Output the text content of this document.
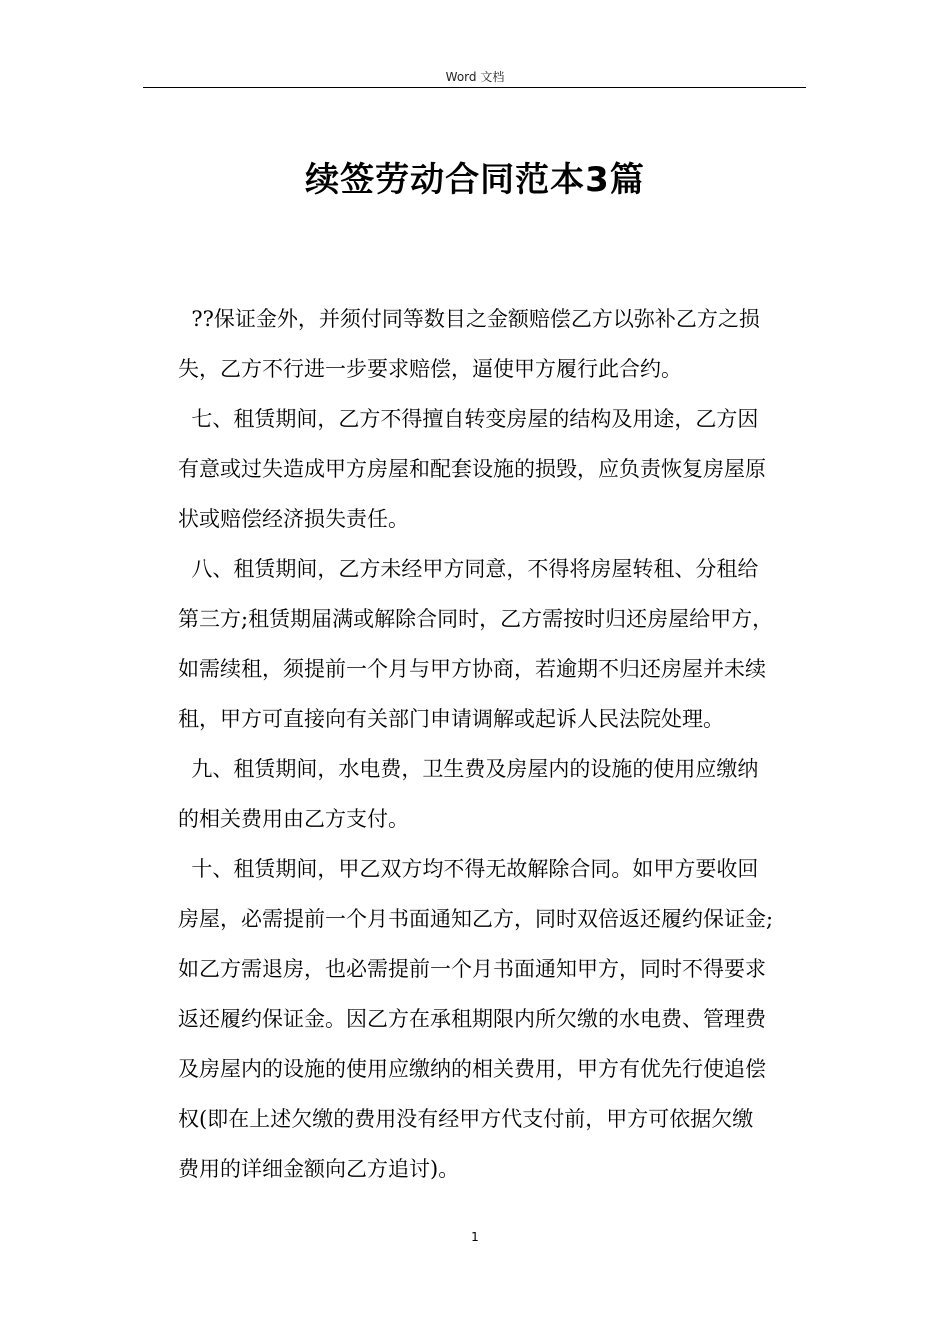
Word 文档
续签劳动合同范本3篇

??保证金外，并须付同等数目之金额赔偿乙方以弥补乙方之损

失，乙方不行进一步要求赔偿，逼使甲方履行此合约。

七、租赁期间，乙方不得擅自转变房屋的结构及用途，乙方因

有意或过失造成甲方房屋和配套设施的损毁，应负责恢复房屋原

状或赔偿经济损失责任。

八、租赁期间，乙方未经甲方同意，不得将房屋转租、分租给

第三方;租赁期届满或解除合同时，乙方需按时归还房屋给甲方，

如需续租，须提前一个月与甲方协商，若逾期不归还房屋并未续

租，甲方可直接向有关部门申请调解或起诉人民法院处理。

九、租赁期间，水电费，卫生费及房屋内的设施的使用应缴纳

的相关费用由乙方支付。

十、租赁期间，甲乙双方均不得无故解除合同。如甲方要收回

房屋，必需提前一个月书面通知乙方，同时双倍返还履约保证金;

如乙方需退房，也必需提前一个月书面通知甲方，同时不得要求

返还履约保证金。因乙方在承租期限内所欠缴的水电费、管理费

及房屋内的设施的使用应缴纳的相关费用，甲方有优先行使追偿

权(即在上述欠缴的费用没有经甲方代支付前，甲方可依据欠缴

费用的详细金额向乙方追讨)。

1
